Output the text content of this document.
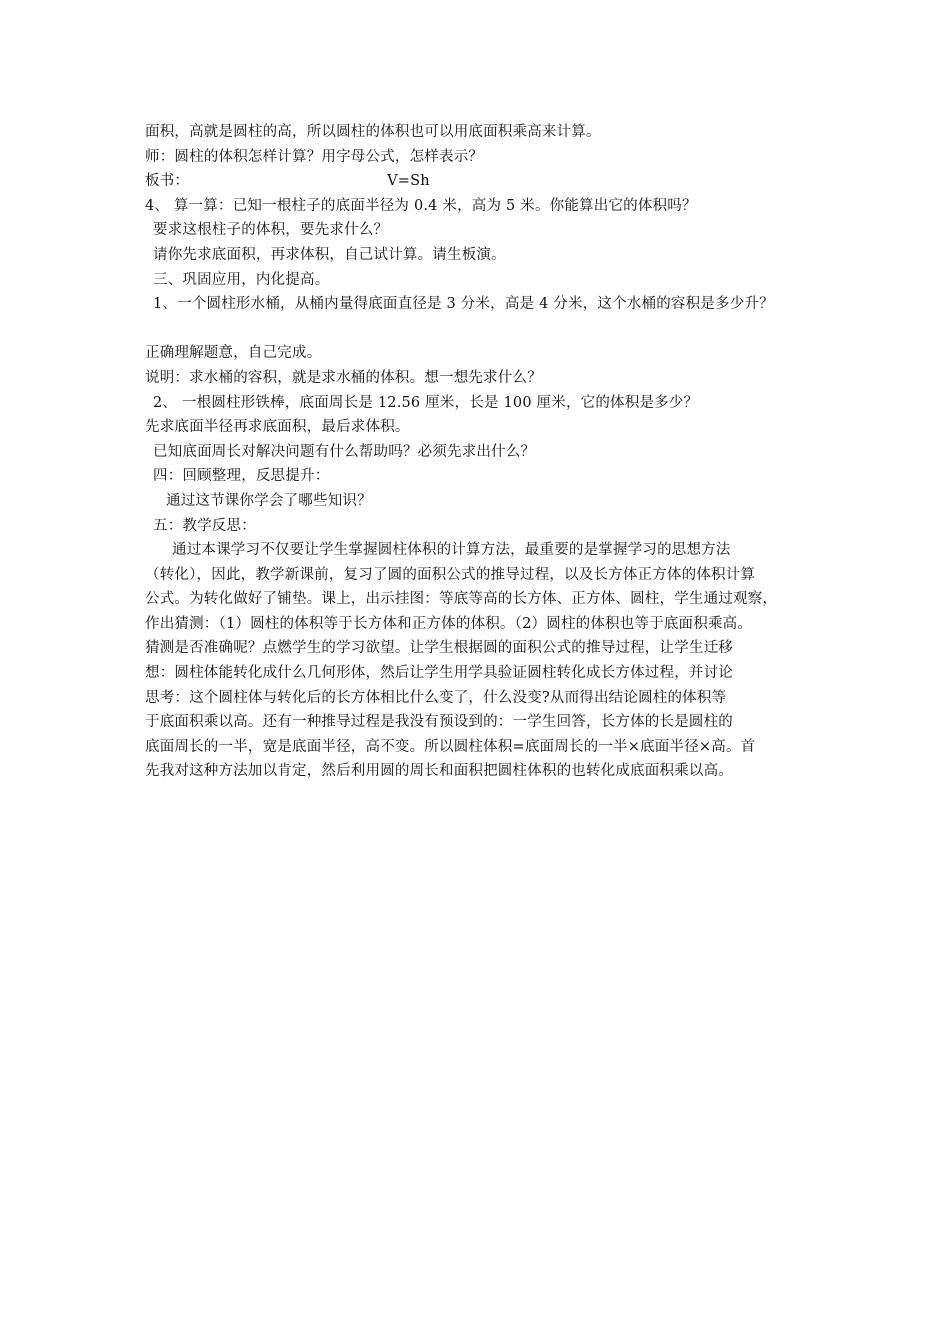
面积，高就是圆柱的高，所以圆柱的体积也可以用底面积乘高来计算。
师：圆柱的体积怎样计算？用字母公式，怎样表示？
板书：	V=Sh
4、 算一算：已知一根柱子的底面半径为 0.4 米，高为 5 米。你能算出它的体积吗？
要求这根柱子的体积，要先求什么？
请你先求底面积，再求体积，自己试计算。请生板演。
三、巩固应用，内化提高。
1、一个圆柱形水桶，从桶内量得底面直径是 3 分米，高是 4 分米，这个水桶的容积是多少升？
正确理解题意，自己完成。
说明：求水桶的容积，就是求水桶的体积。想一想先求什么？
2、 一根圆柱形铁棒，底面周长是 12.56 厘米，长是 100 厘米，它的体积是多少？
先求底面半径再求底面积，最后求体积。
已知底面周长对解决问题有什么帮助吗？必须先求出什么？
四：回顾整理，反思提升：
通过这节课你学会了哪些知识？
五：教学反思：
通过本课学习不仅要让学生掌握圆柱体积的计算方法，最重要的是掌握学习的思想方法
（转化），因此，教学新课前，复习了圆的面积公式的推导过程，以及长方体正方体的体积计算
公式。为转化做好了铺垫。课上，出示挂图：等底等高的长方体、正方体、圆柱，学生通过观察，
作出猜测：（1）圆柱的体积等于长方体和正方体的体积。（2）圆柱的体积也等于底面积乘高。
猜测是否准确呢？点燃学生的学习欲望。让学生根据圆的面积公式的推导过程，让学生迁移
想：圆柱体能转化成什么几何形体，然后让学生用学具验证圆柱转化成长方体过程，并讨论
思考：这个圆柱体与转化后的长方体相比什么变了，什么没变?从而得出结论圆柱的体积等
于底面积乘以高。还有一种推导过程是我没有预设到的：一学生回答，长方体的长是圆柱的
底面周长的一半，宽是底面半径，高不变。所以圆柱体积=底面周长的一半×底面半径×高。首
先我对这种方法加以肯定，然后利用圆的周长和面积把圆柱体积的也转化成底面积乘以高。
